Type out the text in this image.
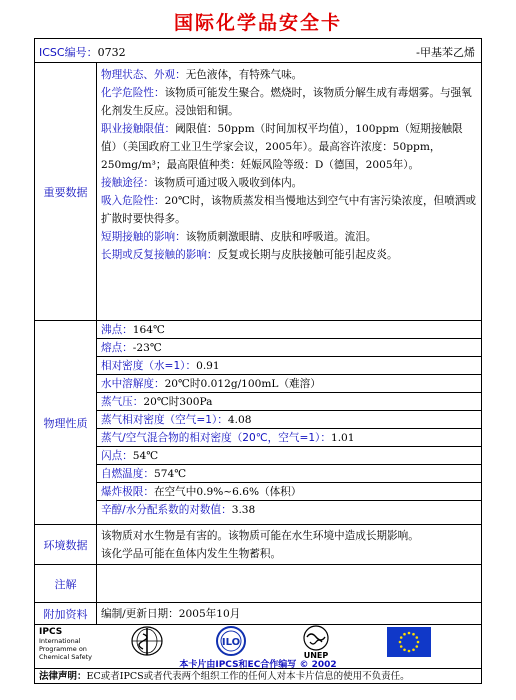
国际化学品安全卡
ICSC编号：0732	-甲基苯乙烯
重要数据
物理状态、外观：无色液体，有特殊气味。
化学危险性：该物质可能发生聚合。燃烧时，该物质分解生成有毒烟雾。与强氧化剂发生反应。浸蚀铝和铜。
职业接触限值：阈限值：50ppm（时间加权平均值），100ppm（短期接触限值）（美国政府工业卫生学家会议，2005年）。最高容许浓度：50ppm，250mg/m³；最高限值种类：妊娠风险等级：D（德国，2005年）。
接触途径：该物质可通过吸入吸收到体内。
吸入危险性：20℃时，该物质蒸发相当慢地达到空气中有害污染浓度，但喷洒或扩散时要快得多。
短期接触的影响：该物质刺激眼睛、皮肤和呼吸道。流泪。
长期或反复接触的影响：反复或长期与皮肤接触可能引起皮炎。
物理性质
沸点：164℃
熔点：-23℃
相对密度（水=1）：0.91
水中溶解度：20℃时0.012g/100mL（难溶）
蒸气压：20℃时300Pa
蒸气相对密度（空气=1）：4.08
蒸气/空气混合物的相对密度（20℃，空气=1）：1.01
闪点：54℃
自燃温度：574℃
爆炸极限：在空气中0.9%~6.6%（体积）
辛醇/水分配系数的对数值：3.38
环境数据
该物质对水生物是有害的。该物质可能在水生环境中造成长期影响。
该化学品可能在鱼体内发生生物蓄积。
注解
附加资料	编制/更新日期：2005年10月
IPCS
International
Programme on
Chemical Safety
ILO
UNEP
本卡片由IPCS和EC合作编写 © 2002
法律声明：EC或者IPCS或者代表两个组织工作的任何人对本卡片信息的使用不负责任。
